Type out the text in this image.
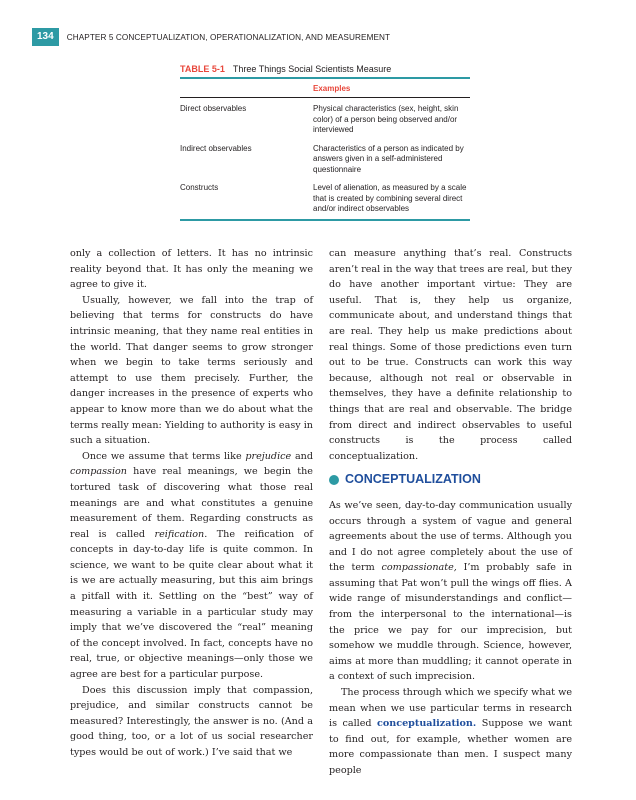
134	CHAPTER 5 CONCEPTUALIZATION, OPERATIONALIZATION, AND MEASUREMENT
TABLE 5-1 Three Things Social Scientists Measure
Examples
Direct observables	Physical characteristics (sex, height, skin color) of a person being observed and/or interviewed
Indirect observables	Characteristics of a person as indicated by answers given in a self-administered questionnaire
Constructs	Level of alienation, as measured by a scale that is created by combining several direct and/or indirect observables

only a collection of letters. It has no intrinsic reality beyond that. It has only the meaning we agree to give it.

Usually, however, we fall into the trap of believing that terms for constructs do have intrinsic meaning, that they name real entities in the world. That danger seems to grow stronger when we begin to take terms seriously and attempt to use them precisely. Further, the danger increases in the presence of experts who appear to know more than we do about what the terms really mean: Yielding to authority is easy in such a situation.

Once we assume that terms like prejudice and compassion have real meanings, we begin the tortured task of discovering what those real meanings are and what constitutes a genuine measurement of them. Regarding constructs as real is called reification. The reification of concepts in day-to-day life is quite common. In science, we want to be quite clear about what it is we are actually measuring, but this aim brings a pitfall with it. Settling on the “best” way of measuring a variable in a particular study may imply that we’ve discovered the “real” meaning of the concept involved. In fact, concepts have no real, true, or objective meanings—only those we agree are best for a particular purpose.

Does this discussion imply that compassion, prejudice, and similar constructs cannot be measured? Interestingly, the answer is no. (And a good thing, too, or a lot of us social researcher types would be out of work.) I’ve said that we

can measure anything that’s real. Constructs aren’t real in the way that trees are real, but they do have another important virtue: They are useful. That is, they help us organize, communicate about, and understand things that are real. They help us make predictions about real things. Some of those predictions even turn out to be true. Constructs can work this way because, although not real or observable in themselves, they have a definite relationship to things that are real and observable. The bridge from direct and indirect observables to useful constructs is the process called conceptualization.

CONCEPTUALIZATION

As we’ve seen, day-to-day communication usually occurs through a system of vague and general agreements about the use of terms. Although you and I do not agree completely about the use of the term compassionate, I’m probably safe in assuming that Pat won’t pull the wings off flies. A wide range of misunderstandings and conflict—from the interpersonal to the international—is the price we pay for our imprecision, but somehow we muddle through. Science, however, aims at more than muddling; it cannot operate in a context of such imprecision.

The process through which we specify what we mean when we use particular terms in research is called conceptualization. Suppose we want to find out, for example, whether women are more compassionate than men. I suspect many people
